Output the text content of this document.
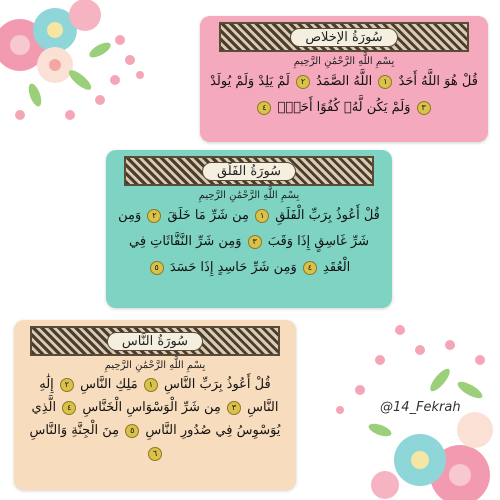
سُورَةُ الإخلاص
بِسْمِ اللَّهِ الرَّحْمَٰنِ الرَّحِيمِ
قُلْ هُوَ اللَّهُ أَحَدٌ ١ اللَّهُ الصَّمَدُ ٢ لَمْ يَلِدْ وَلَمْ يُولَدْ ٣ وَلَمْ يَكُن لَّهُۥ كُفُوًا أَحَدٌۢ ٤
سُورَةُ الفَلَق
بِسْمِ اللَّهِ الرَّحْمَٰنِ الرَّحِيمِ
قُلْ أَعُوذُ بِرَبِّ الْفَلَقِ ١ مِن شَرِّ مَا خَلَقَ ٢ وَمِن شَرِّ غَاسِقٍ إِذَا وَقَبَ ٣ وَمِن شَرِّ النَّفَّاثَاتِ فِي الْعُقَدِ ٤ وَمِن شَرِّ حَاسِدٍ إِذَا حَسَدَ ٥
سُورَةُ النَّاس
بِسْمِ اللَّهِ الرَّحْمَٰنِ الرَّحِيمِ
قُلْ أَعُوذُ بِرَبِّ النَّاسِ ١ مَلِكِ النَّاسِ ٢ إِلَٰهِ النَّاسِ ٣ مِن شَرِّ الْوَسْوَاسِ الْخَنَّاسِ ٤ الَّذِي يُوَسْوِسُ فِي صُدُورِ النَّاسِ ٥ مِنَ الْجِنَّةِ وَالنَّاسِ ٦
@14_Fekrah
